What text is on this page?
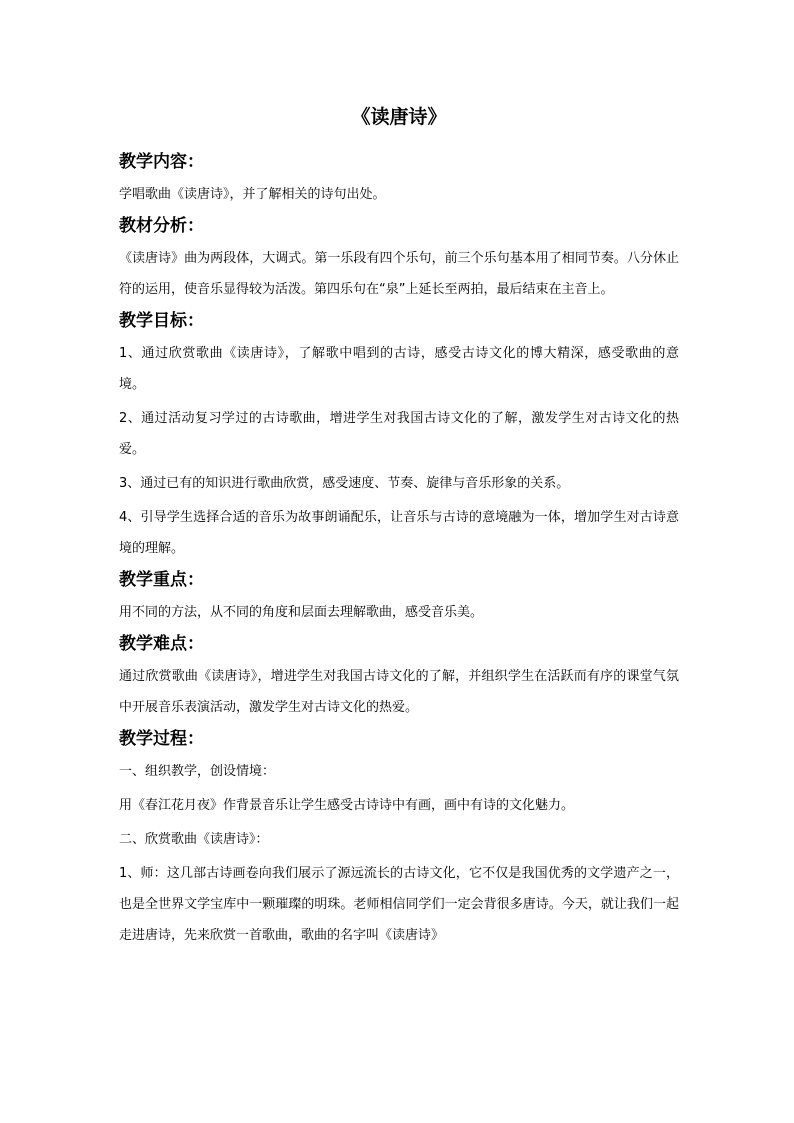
《读唐诗》
教学内容：
学唱歌曲《读唐诗》，并了解相关的诗句出处。
教材分析：
《读唐诗》曲为两段体，大调式。第一乐段有四个乐句，前三个乐句基本用了相同节奏。八分休止符的运用，使音乐显得较为活泼。第四乐句在“泉”上延长至两拍，最后结束在主音上。
教学目标：
1、通过欣赏歌曲《读唐诗》，了解歌中唱到的古诗，感受古诗文化的博大精深，感受歌曲的意境。
2、通过活动复习学过的古诗歌曲，增进学生对我国古诗文化的了解，激发学生对古诗文化的热爱。
3、通过已有的知识进行歌曲欣赏，感受速度、节奏、旋律与音乐形象的关系。
4、引导学生选择合适的音乐为故事朗诵配乐，让音乐与古诗的意境融为一体，增加学生对古诗意境的理解。
教学重点：
用不同的方法，从不同的角度和层面去理解歌曲，感受音乐美。
教学难点：
通过欣赏歌曲《读唐诗》，增进学生对我国古诗文化的了解，并组织学生在活跃而有序的课堂气氛中开展音乐表演活动，激发学生对古诗文化的热爱。
教学过程：
一、组织教学，创设情境：
用《春江花月夜》作背景音乐让学生感受古诗诗中有画，画中有诗的文化魅力。
二、欣赏歌曲《读唐诗》：
1、师：这几部古诗画卷向我们展示了源远流长的古诗文化，它不仅是我国优秀的文学遗产之一，也是全世界文学宝库中一颗璀璨的明珠。老师相信同学们一定会背很多唐诗。今天，就让我们一起走进唐诗，先来欣赏一首歌曲，歌曲的名字叫《读唐诗》
